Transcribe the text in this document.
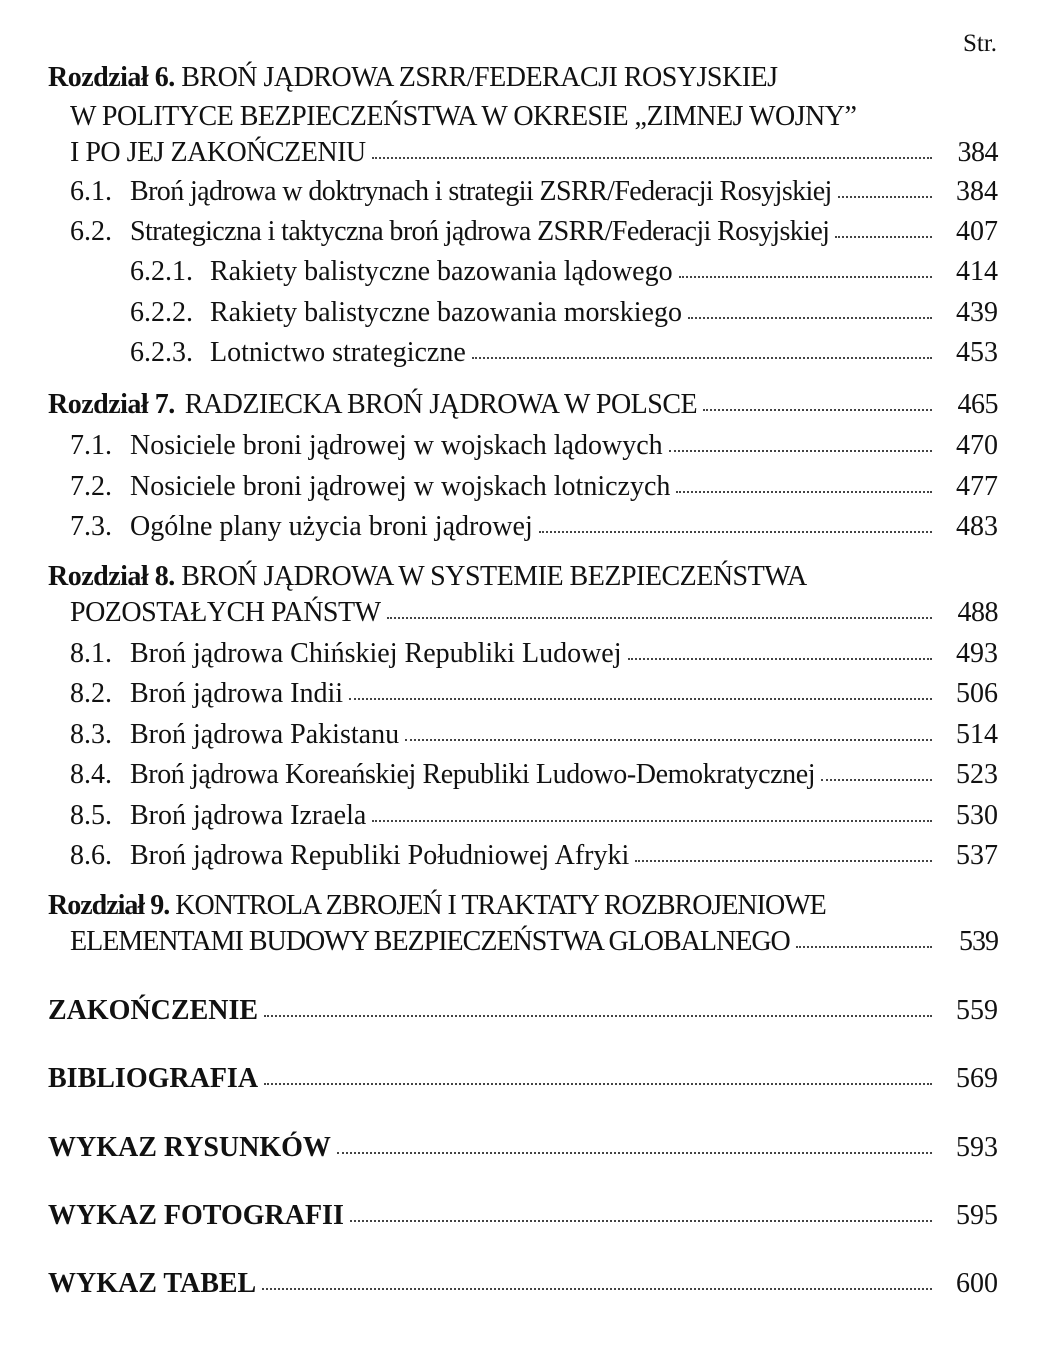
Str.
Rozdział 6. BROŃ JĄDROWA ZSRR/FEDERACJI ROSYJSKIEJ
W POLITYCE BEZPIECZEŃSTWA W OKRESIE „ZIMNEJ WOJNY”
I PO JEJ ZAKOŃCZENIU	384
6.1. Broń jądrowa w doktrynach i strategii ZSRR/Federacji Rosyjskiej	384
6.2. Strategiczna i taktyczna broń jądrowa ZSRR/Federacji Rosyjskiej	407
6.2.1. Rakiety balistyczne bazowania lądowego	414
6.2.2. Rakiety balistyczne bazowania morskiego	439
6.2.3. Lotnictwo strategiczne	453
Rozdział 7. RADZIECKA BROŃ JĄDROWA W POLSCE	465
7.1. Nosiciele broni jądrowej w wojskach lądowych	470
7.2. Nosiciele broni jądrowej w wojskach lotniczych	477
7.3. Ogólne plany użycia broni jądrowej	483
Rozdział 8. BROŃ JĄDROWA W SYSTEMIE BEZPIECZEŃSTWA
POZOSTAŁYCH PAŃSTW	488
8.1. Broń jądrowa Chińskiej Republiki Ludowej	493
8.2. Broń jądrowa Indii	506
8.3. Broń jądrowa Pakistanu	514
8.4. Broń jądrowa Koreańskiej Republiki Ludowo-Demokratycznej	523
8.5. Broń jądrowa Izraela	530
8.6. Broń jądrowa Republiki Południowej Afryki	537
Rozdział 9. KONTROLA ZBROJEŃ I TRAKTATY ROZBROJENIOWE
ELEMENTAMI BUDOWY BEZPIECZEŃSTWA GLOBALNEGO	539
ZAKOŃCZENIE	559
BIBLIOGRAFIA	569
WYKAZ RYSUNKÓW	593
WYKAZ FOTOGRAFII	595
WYKAZ TABEL	600
